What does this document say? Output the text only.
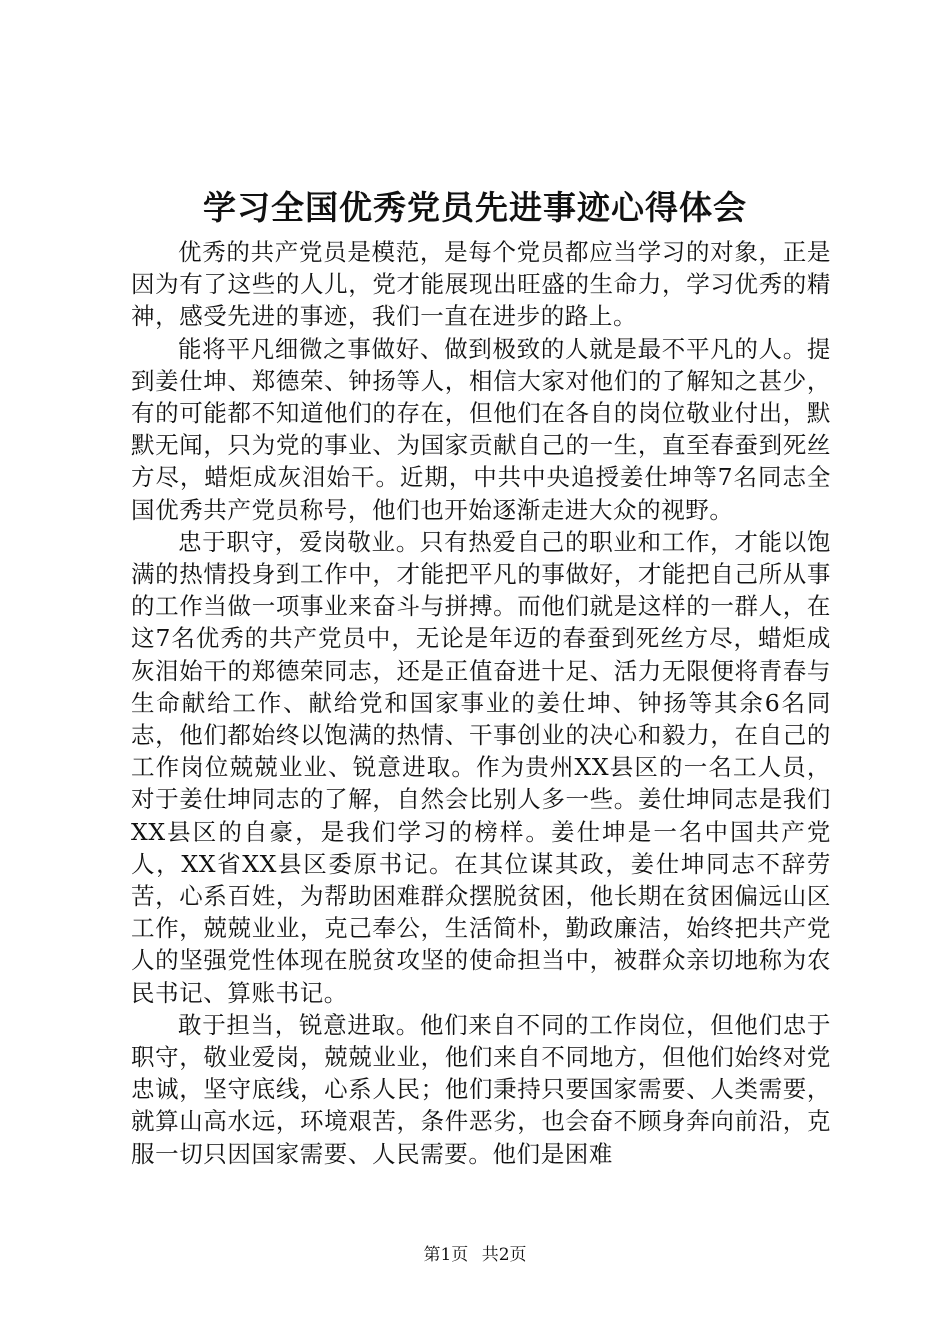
学习全国优秀党员先进事迹心得体会

优秀的共产党员是模范，是每个党员都应当学习的对象，正是因为有了这些的人儿，党才能展现出旺盛的生命力，学习优秀的精神，感受先进的事迹，我们一直在进步的路上。

能将平凡细微之事做好、做到极致的人就是最不平凡的人。提到姜仕坤、郑德荣、钟扬等人，相信大家对他们的了解知之甚少，有的可能都不知道他们的存在，但他们在各自的岗位敬业付出，默默无闻，只为党的事业、为国家贡献自己的一生，直至春蚕到死丝方尽，蜡炬成灰泪始干。近期，中共中央追授姜仕坤等7名同志全国优秀共产党员称号，他们也开始逐渐走进大众的视野。

忠于职守，爱岗敬业。只有热爱自己的职业和工作，才能以饱满的热情投身到工作中，才能把平凡的事做好，才能把自己所从事的工作当做一项事业来奋斗与拼搏。而他们就是这样的一群人，在这7名优秀的共产党员中，无论是年迈的春蚕到死丝方尽，蜡炬成灰泪始干的郑德荣同志，还是正值奋进十足、活力无限便将青春与生命献给工作、献给党和国家事业的姜仕坤、钟扬等其余6名同志，他们都始终以饱满的热情、干事创业的决心和毅力，在自己的工作岗位兢兢业业、锐意进取。作为贵州XX县区的一名工人员，对于姜仕坤同志的了解，自然会比别人多一些。姜仕坤同志是我们XX县区的自豪，是我们学习的榜样。姜仕坤是一名中国共产党人，XX省XX县区委原书记。在其位谋其政，姜仕坤同志不辞劳苦，心系百姓，为帮助困难群众摆脱贫困，他长期在贫困偏远山区工作，兢兢业业，克己奉公，生活简朴，勤政廉洁，始终把共产党人的坚强党性体现在脱贫攻坚的使命担当中，被群众亲切地称为农民书记、算账书记。

敢于担当，锐意进取。他们来自不同的工作岗位，但他们忠于职守，敬业爱岗，兢兢业业，他们来自不同地方，但他们始终对党忠诚，坚守底线，心系人民；他们秉持只要国家需要、人类需要，就算山高水远，环境艰苦，条件恶劣，也会奋不顾身奔向前沿，克服一切只因国家需要、人民需要。他们是困难

第1页 共2页
